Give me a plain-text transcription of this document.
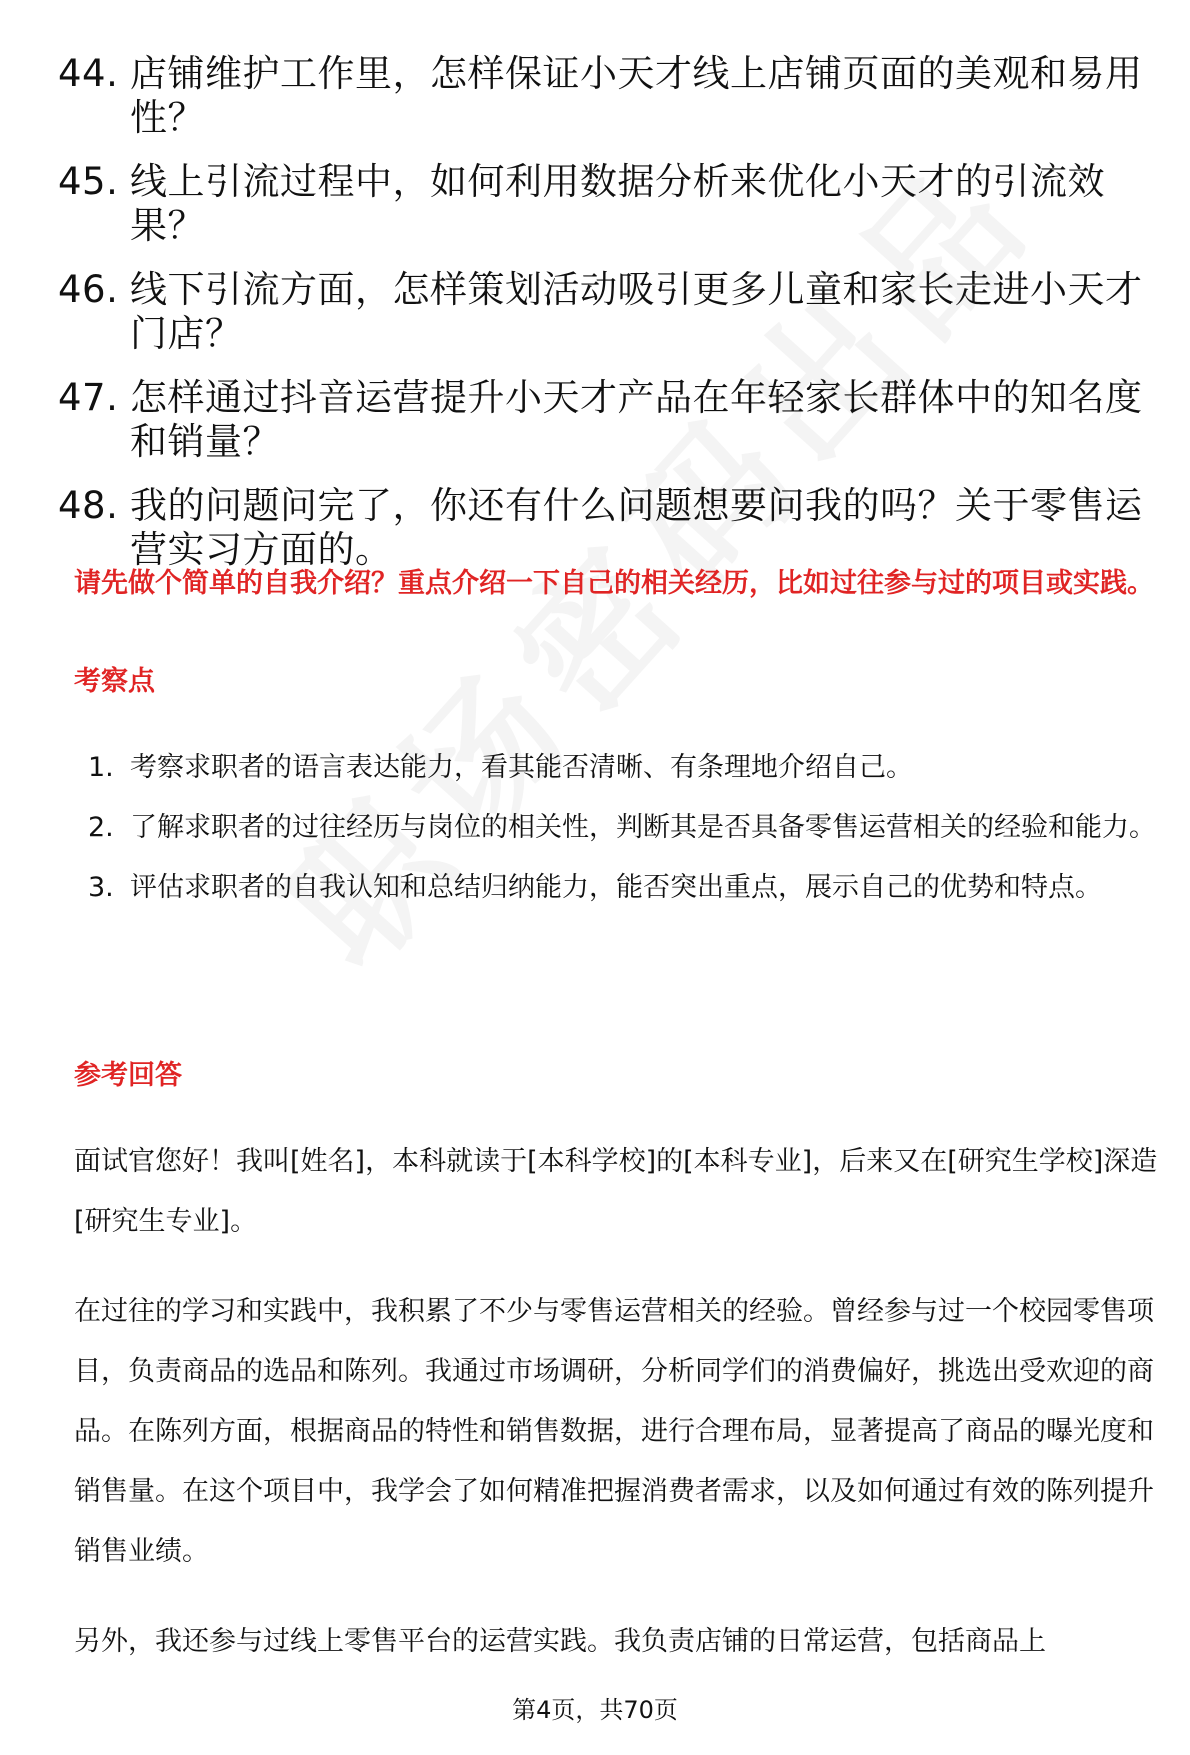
44. 店铺维护工作里，怎样保证小天才线上店铺页面的美观和易用性？
45. 线上引流过程中，如何利用数据分析来优化小天才的引流效果？
46. 线下引流方面，怎样策划活动吸引更多儿童和家长走进小天才门店？
47. 怎样通过抖音运营提升小天才产品在年轻家长群体中的知名度和销量？
48. 我的问题问完了，你还有什么问题想要问我的吗？关于零售运营实习方面的。
请先做个简单的自我介绍？重点介绍一下自己的相关经历，比如过往参与过的项目或实践。
考察点
1. 考察求职者的语言表达能力，看其能否清晰、有条理地介绍自己。
2. 了解求职者的过往经历与岗位的相关性，判断其是否具备零售运营相关的经验和能力。
3. 评估求职者的自我认知和总结归纳能力，能否突出重点，展示自己的优势和特点。
参考回答

面试官您好！我叫[姓名]，本科就读于[本科学校]的[本科专业]，后来又在[研究生学校]深造[研究生专业]。

在过往的学习和实践中，我积累了不少与零售运营相关的经验。曾经参与过一个校园零售项目，负责商品的选品和陈列。我通过市场调研，分析同学们的消费偏好，挑选出受欢迎的商品。在陈列方面，根据商品的特性和销售数据，进行合理布局，显著提高了商品的曝光度和销售量。在这个项目中，我学会了如何精准把握消费者需求，以及如何通过有效的陈列提升销售业绩。

另外，我还参与过线上零售平台的运营实践。我负责店铺的日常运营，包括商品上

第4页，共70页
